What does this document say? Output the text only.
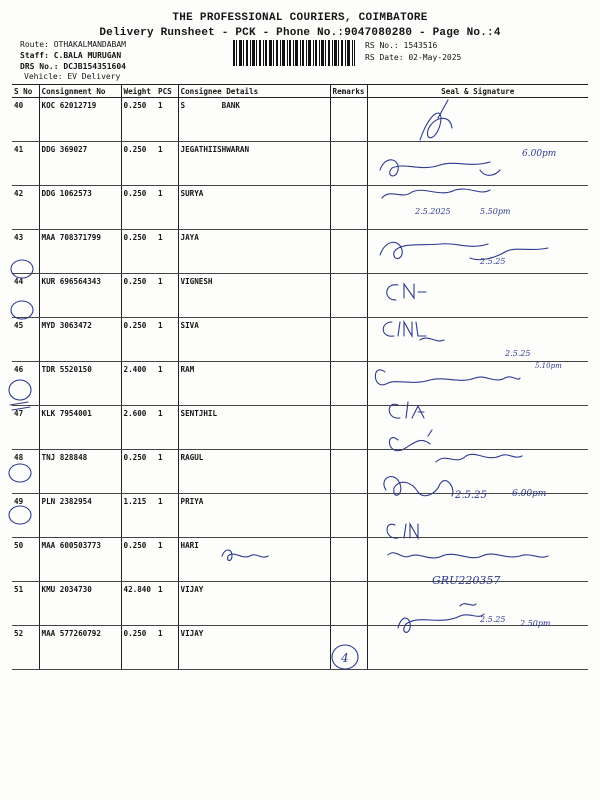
THE PROFESSIONAL COURIERS, COIMBATORE
Delivery Runsheet - PCK - Phone No.:9047080280 - Page No.:4
Route: OTHAKALMANDABAM
Staff: C.BALA MURUGAN
DRS No.: DCJB154351604
Vehicle: EV Delivery
RS No.: 1543516
RS Date: 02-May-2025
S No	Consignment No	Weight	PCS	Consignee Details	Remarks	Seal & Signature
40	KOC 62012719	0.250	1	S        BANK		
41	DDG 369027	0.250	1	JEGATHIISHWARAN		
42	DDG 1062573	0.250	1	SURYA		
43	MAA 708371799	0.250	1	JAYA		
44	KUR 696564343	0.250	1	VIGNESH		
45	MYD 3063472	0.250	1	SIVA		
46	TDR 5520150	2.400	1	RAM		
47	KLK 7954001	2.600	1	SENTJHIL		
48	TNJ 828848	0.250	1	RAGUL		
49	PLN 2382954	1.215	1	PRIYA		
50	MAA 600503773	0.250	1	HARI		
51	KMU 2034730	42.840	1	VIJAY		
52	MAA 577260792	0.250	1	VIJAY		
6.00pm
2.5.2025	5.50pm
2.5.25
2.5.25
5.10pm
2.5.25	6.00pm
GRU220357
2.5.25 2.50pm
4
